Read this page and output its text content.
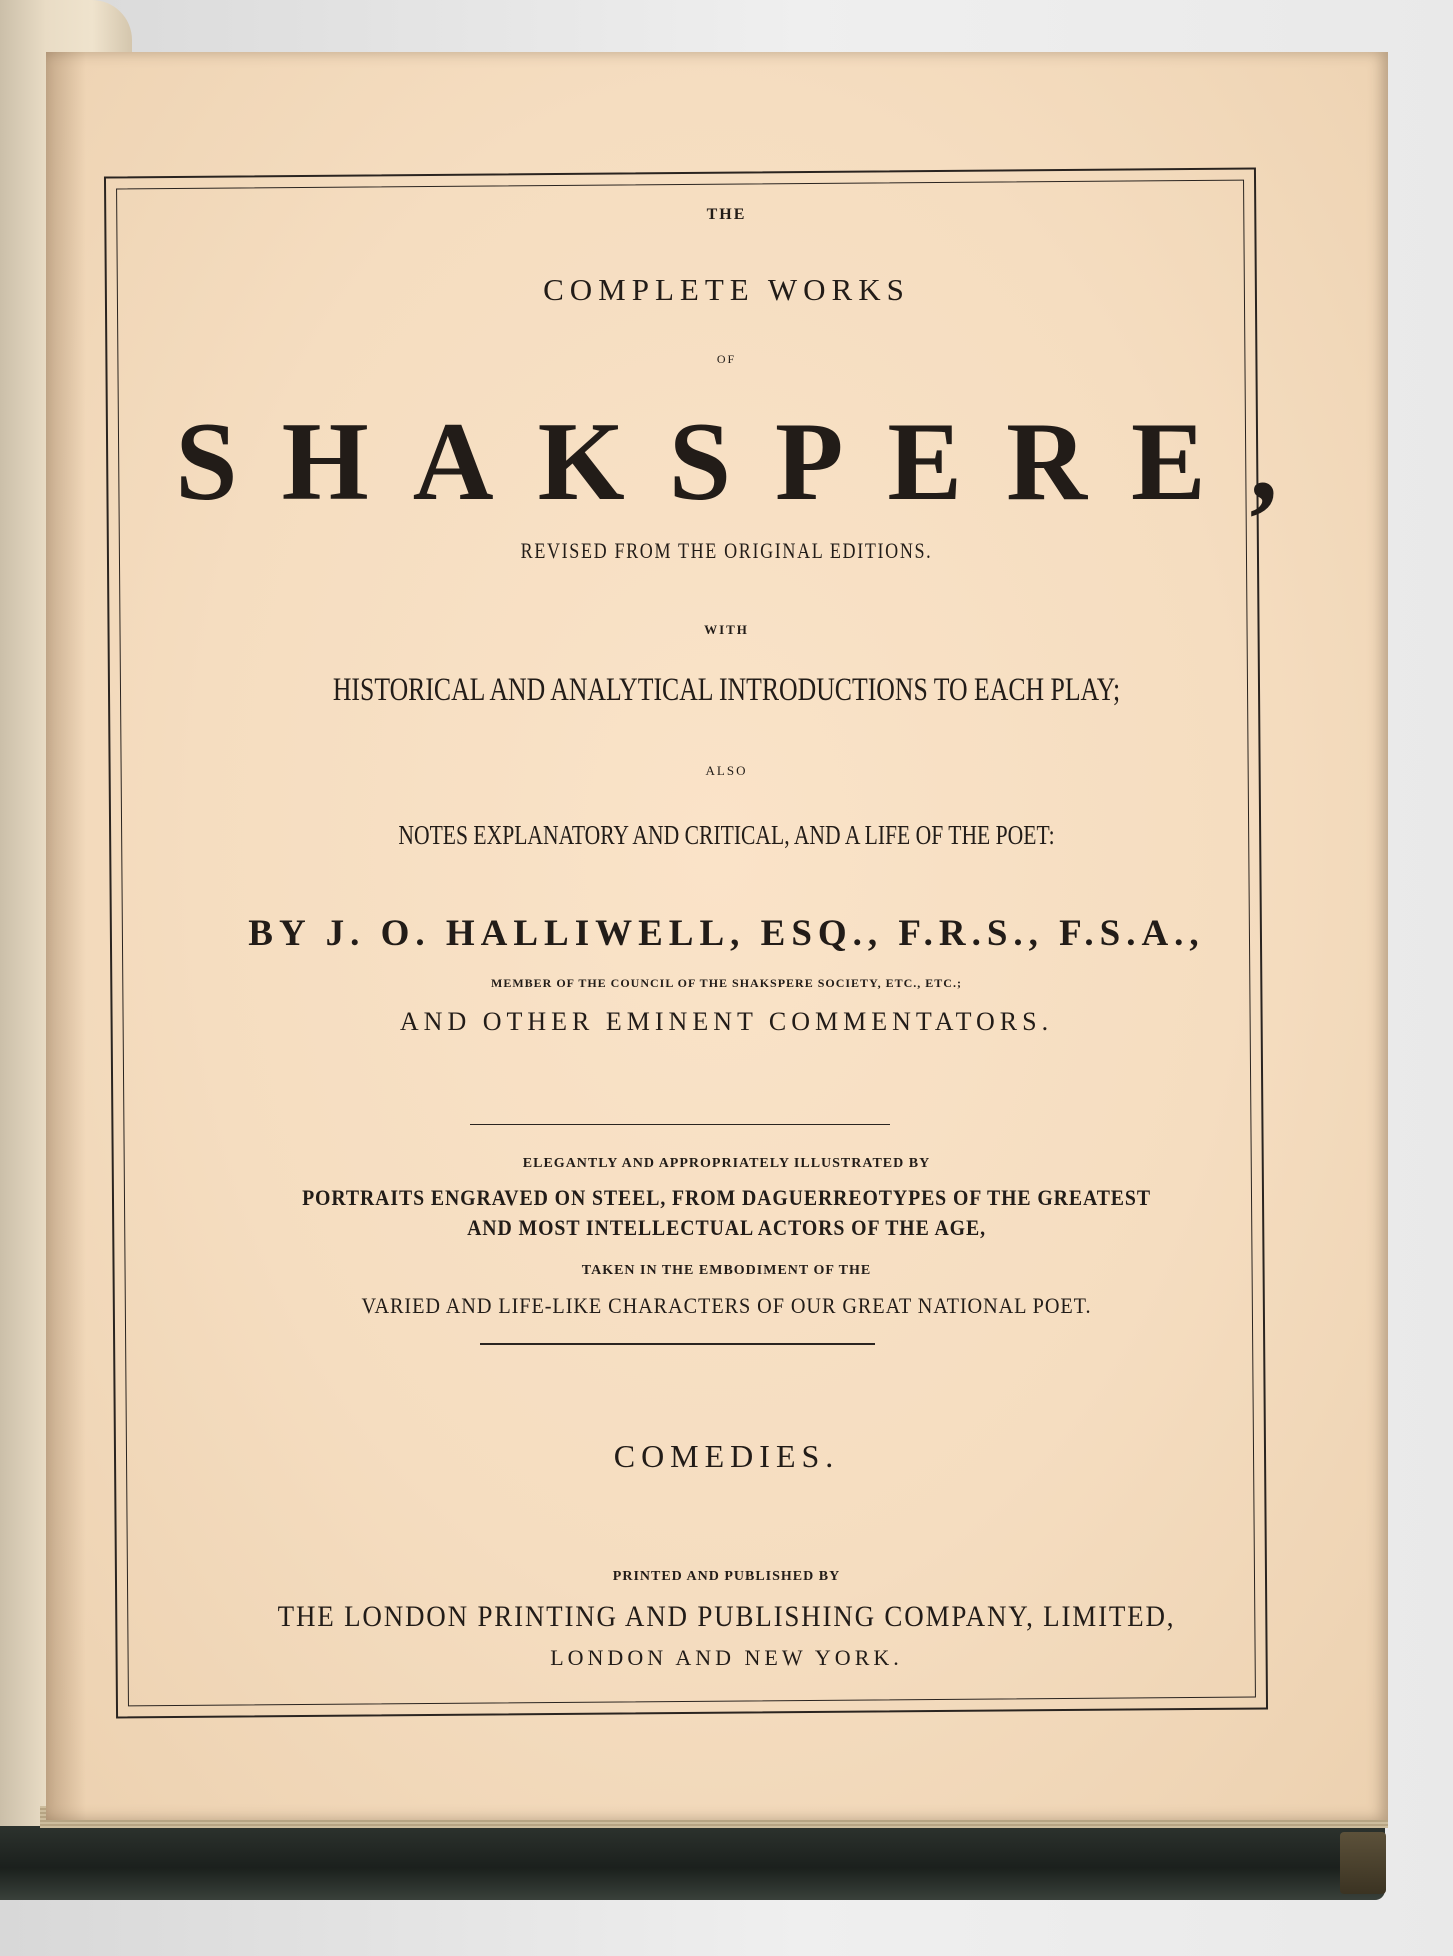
THE
COMPLETE WORKS
OF
SHAKSPERE,
REVISED FROM THE ORIGINAL EDITIONS.
WITH
HISTORICAL AND ANALYTICAL INTRODUCTIONS TO EACH PLAY;
ALSO
NOTES EXPLANATORY AND CRITICAL, AND A LIFE OF THE POET:
BY J. O. HALLIWELL, ESQ., F.R.S., F.S.A.,
MEMBER OF THE COUNCIL OF THE SHAKSPERE SOCIETY, ETC., ETC.;
AND OTHER EMINENT COMMENTATORS.
ELEGANTLY AND APPROPRIATELY ILLUSTRATED BY
PORTRAITS ENGRAVED ON STEEL, FROM DAGUERREOTYPES OF THE GREATEST
AND MOST INTELLECTUAL ACTORS OF THE AGE,
TAKEN IN THE EMBODIMENT OF THE
VARIED AND LIFE-LIKE CHARACTERS OF OUR GREAT NATIONAL POET.
COMEDIES.
PRINTED AND PUBLISHED BY
THE LONDON PRINTING AND PUBLISHING COMPANY, LIMITED,
LONDON AND NEW YORK.
